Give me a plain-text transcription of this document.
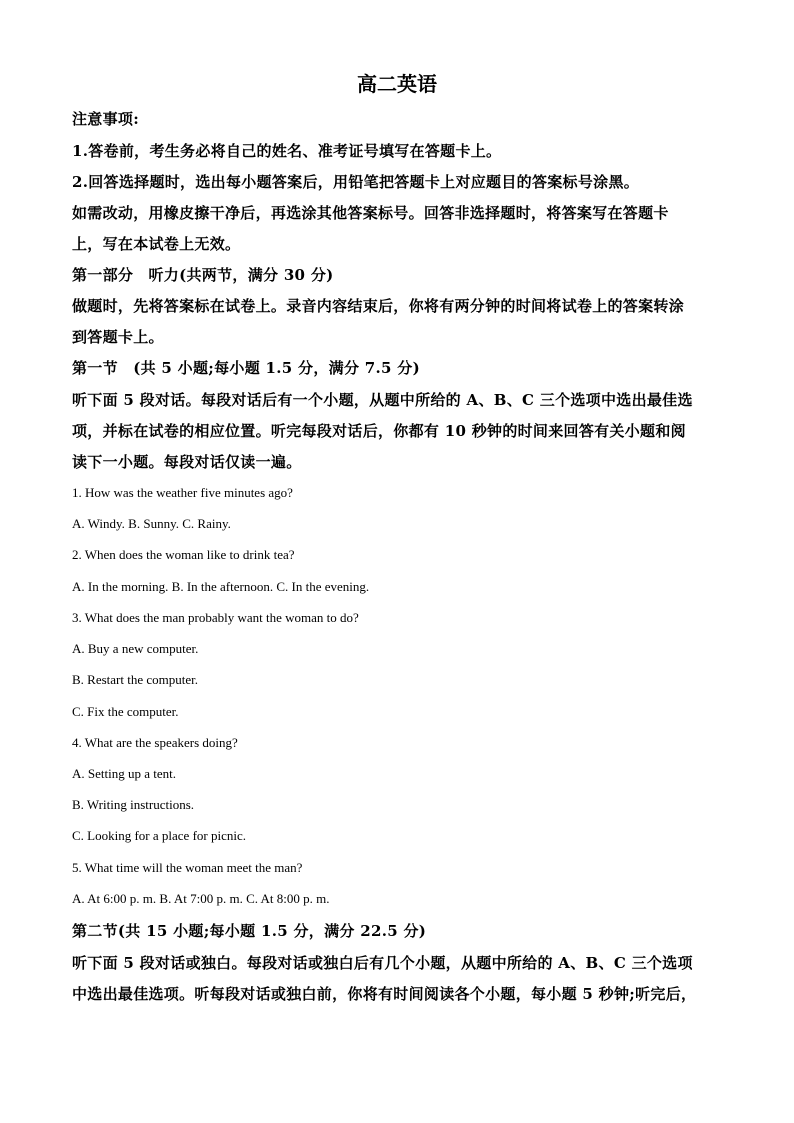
高二英语

注意事项:

1.答卷前，考生务必将自己的姓名、准考证号填写在答题卡上。

2.回答选择题时，选出每小题答案后，用铅笔把答题卡上对应题目的答案标号涂黑。

如需改动，用橡皮擦干净后，再选涂其他答案标号。回答非选择题时，将答案写在答题卡

上，写在本试卷上无效。

第一部分　听力(共两节，满分 30 分)

做题时，先将答案标在试卷上。录音内容结束后，你将有两分钟的时间将试卷上的答案转涂

到答题卡上。

第一节　(共 5 小题;每小题 1.5 分，满分 7.5 分)

听下面 5 段对话。每段对话后有一个小题，从题中所给的 A、B、C 三个选项中选出最佳选

项，并标在试卷的相应位置。听完每段对话后，你都有 10 秒钟的时间来回答有关小题和阅

读下一小题。每段对话仅读一遍。

1. How was the weather five minutes ago?

A. Windy. B. Sunny. C. Rainy.

2. When does the woman like to drink tea?

A. In the morning. B. In the afternoon. C. In the evening.

3. What does the man probably want the woman to do?

A. Buy a new computer.

B. Restart the computer.

C. Fix the computer.

4. What are the speakers doing?

A. Setting up a tent.

B. Writing instructions.

C. Looking for a place for picnic.

5. What time will the woman meet the man?

A. At 6:00 p. m. B. At 7:00 p. m. C. At 8:00 p. m.

第二节(共 15 小题;每小题 1.5 分，满分 22.5 分)

听下面 5 段对话或独白。每段对话或独白后有几个小题，从题中所给的 A、B、C 三个选项

中选出最佳选项。听每段对话或独白前，你将有时间阅读各个小题，每小题 5 秒钟;听完后，
